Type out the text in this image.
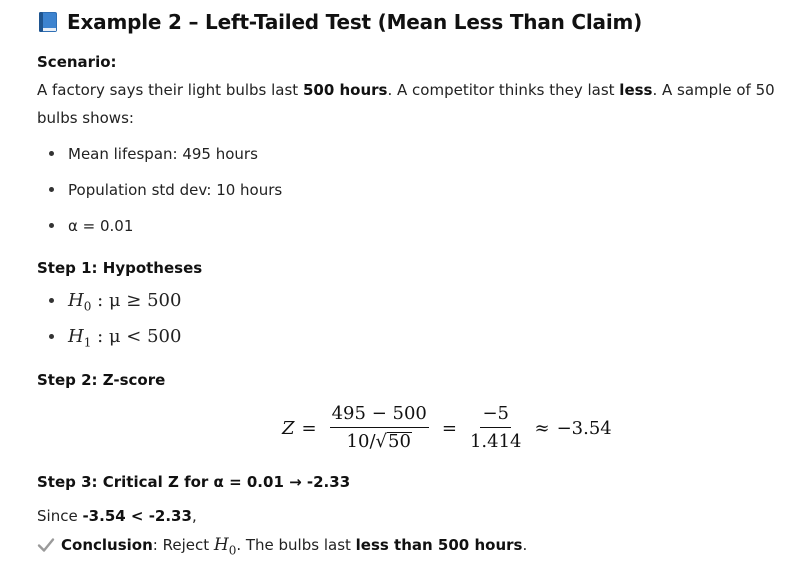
Example 2 – Left-Tailed Test (Mean Less Than Claim)
Scenario:
A factory says their light bulbs last 500 hours. A competitor thinks they last less. A sample of 50 bulbs shows:
Mean lifespan: 495 hours
Population std dev: 10 hours
α = 0.01
Step 1: Hypotheses
$H_0$ : μ ≥ 500
$H_1$ : μ < 500
Step 2: Z-score
$Z = \frac{495 - 500}{10/√50} = \frac{-5}{1.414} \approx -3.54$
Step 3: Critical Z for α = 0.01 → -2.33
Since -3.54 < -2.33,
Conclusion: Reject $H_0$. The bulbs last less than 500 hours.
